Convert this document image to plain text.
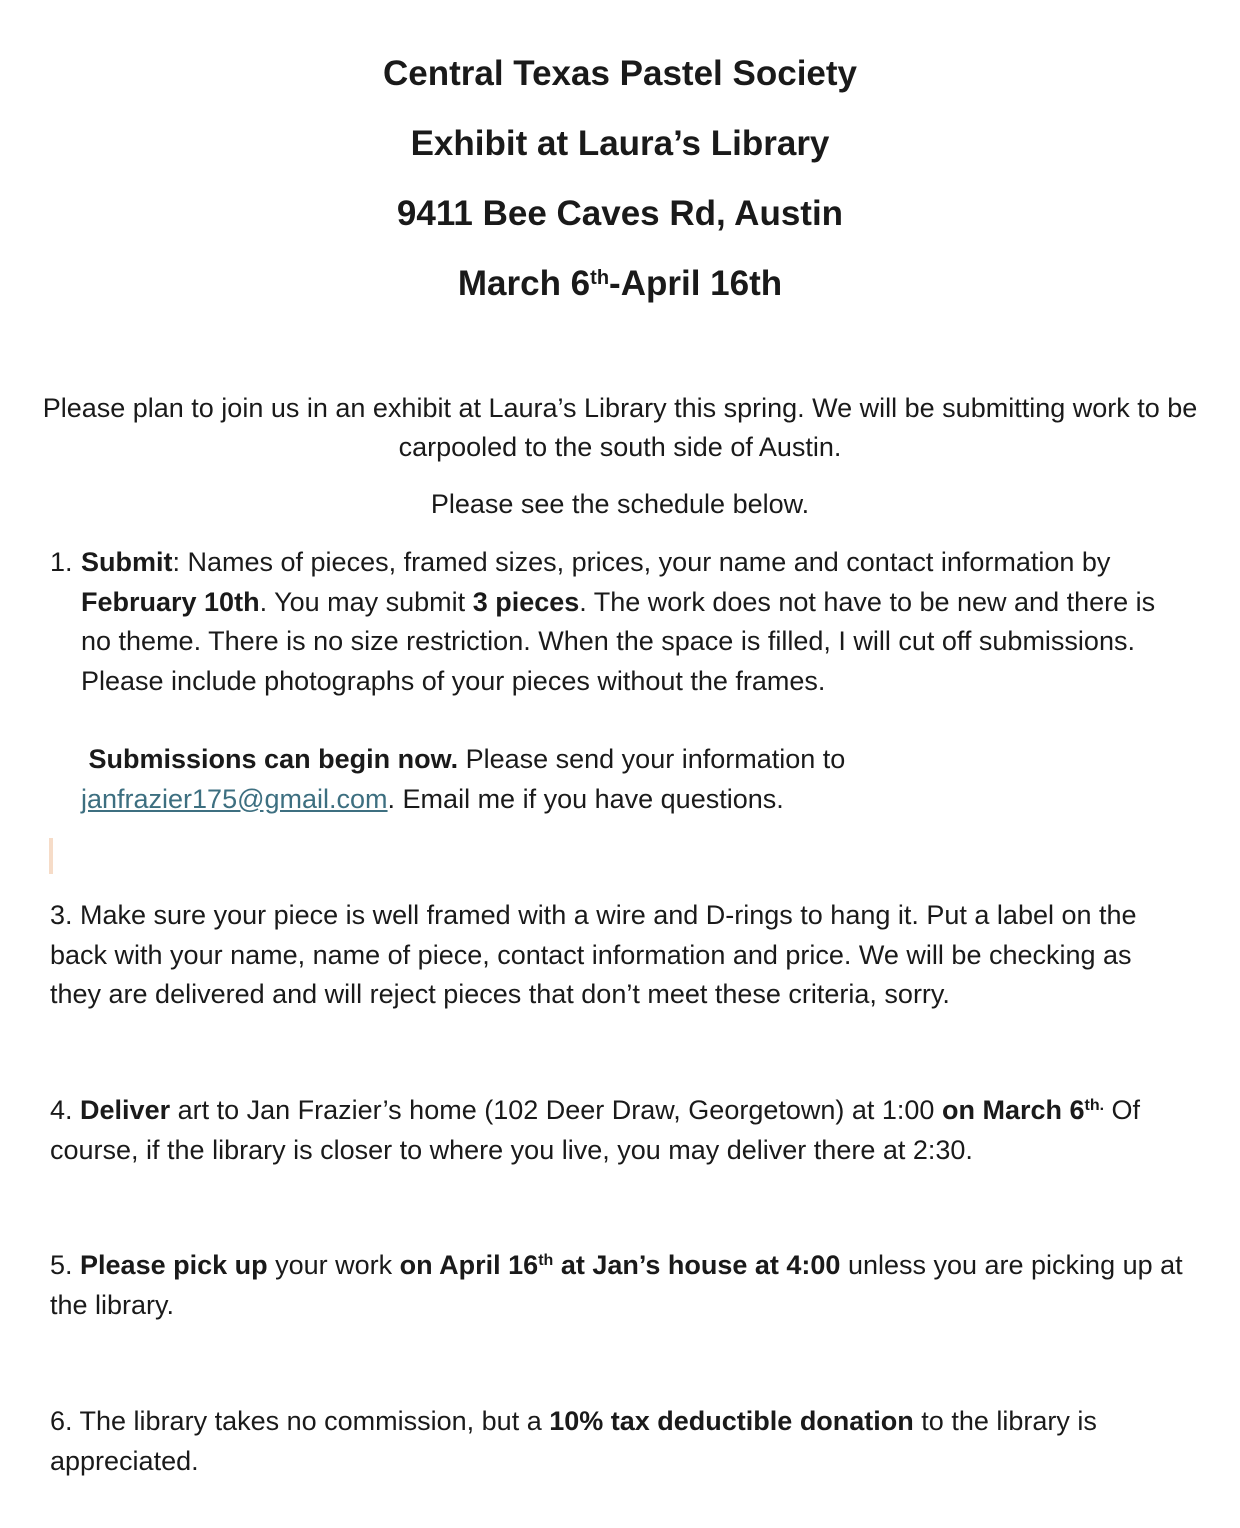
Central Texas Pastel Society
Exhibit at Laura’s Library
9411 Bee Caves Rd, Austin
March 6th-April 16th

Please plan to join us in an exhibit at Laura’s Library this spring. We will be submitting work to be carpooled to the south side of Austin.

Please see the schedule below.

1. Submit: Names of pieces, framed sizes, prices, your name and contact information by February 10th. You may submit 3 pieces. The work does not have to be new and there is no theme. There is no size restriction. When the space is filled, I will cut off submissions. Please include photographs of your pieces without the frames.

Submissions can begin now. Please send your information to
janfrazier175@gmail.com. Email me if you have questions.

3. Make sure your piece is well framed with a wire and D-rings to hang it. Put a label on the back with your name, name of piece, contact information and price. We will be checking as they are delivered and will reject pieces that don’t meet these criteria, sorry.

4. Deliver art to Jan Frazier’s home (102 Deer Draw, Georgetown) at 1:00 on March $6^{th.}$ Of course, if the library is closer to where you live, you may deliver there at 2:30.

5. Please pick up your work on April 16th at Jan’s house at 4:00 unless you are picking up at the library.

6. The library takes no commission, but a 10% tax deductible donation to the library is appreciated.
